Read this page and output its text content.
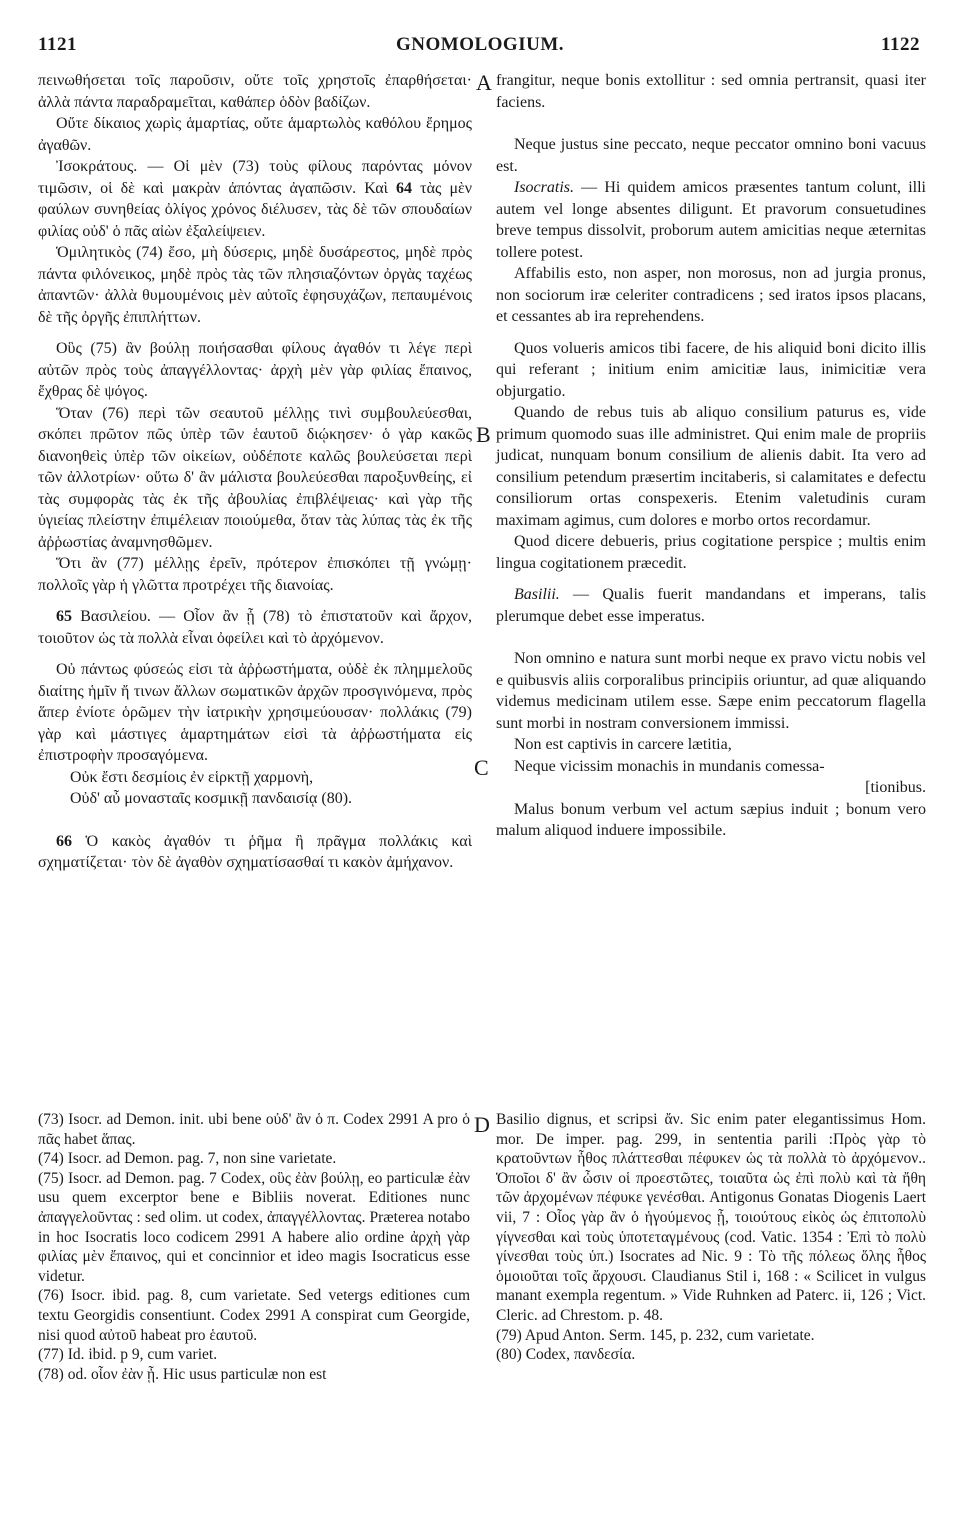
1121	GNOMOLOGIUM.	1122
A
B
C
D

πεινωθήσεται τοῖς παροῦσιν, οὔτε τοῖς χρηστοῖς ἐπαρθήσεται· ἀλλὰ πάντα παραδραμεῖται, καθάπερ ὁδὸν βαδίζων.

Οὔτε δίκαιος χωρὶς ἁμαρτίας, οὔτε ἁμαρτωλὸς καθόλου ἔρημος ἀγαθῶν.

Ἰσοκράτους. — Οἱ μὲν (73) τοὺς φίλους παρόντας μόνον τιμῶσιν, οἱ δὲ καὶ μακρὰν ἀπόντας ἀγαπῶσιν. Καὶ 64 τὰς μὲν φαύλων συνηθείας ὀλίγος χρόνος διέλυσεν, τὰς δὲ τῶν σπουδαίων φιλίας οὐδ' ὁ πᾶς αἰὼν ἐξαλείψειεν.

Ὁμιλητικὸς (74) ἔσο, μὴ δύσερις, μηδὲ δυσάρεστος, μηδὲ πρὸς πάντα φιλόνεικος, μηδὲ πρὸς τὰς τῶν πλησιαζόντων ὀργὰς ταχέως ἀπαντῶν· ἀλλὰ θυμουμένοις μὲν αὐτοῖς ἐφησυχάζων, πεπαυμένοις δὲ τῆς ὀργῆς ἐπιπλήττων.

Οὓς (75) ἂν βούλῃ ποιήσασθαι φίλους ἀγαθόν τι λέγε περὶ αὐτῶν πρὸς τοὺς ἀπαγγέλλοντας· ἀρχὴ μὲν γὰρ φιλίας ἔπαινος, ἔχθρας δὲ ψόγος.

Ὅταν (76) περὶ τῶν σεαυτοῦ μέλλῃς τινὶ συμβουλεύεσθαι, σκόπει πρῶτον πῶς ὑπὲρ τῶν ἑαυτοῦ διῴκησεν· ὁ γὰρ κακῶς διανοηθεὶς ὑπὲρ τῶν οἰκείων, οὐδέποτε καλῶς βουλεύσεται περὶ τῶν ἀλλοτρίων· οὕτω δ' ἂν μάλιστα βουλεύεσθαι παροξυνθείης, εἰ τὰς συμφορὰς τὰς ἐκ τῆς ἀβουλίας ἐπιβλέψειας· καὶ γὰρ τῆς ὑγιείας πλείστην ἐπιμέλειαν ποιούμεθα, ὅταν τὰς λύπας τὰς ἐκ τῆς ἀῤῥωστίας ἀναμνησθῶμεν.

Ὅτι ἂν (77) μέλλῃς ἐρεῖν, πρότερον ἐπισκόπει τῇ γνώμῃ· πολλοῖς γὰρ ἡ γλῶττα προτρέχει τῆς διανοίας.

65 Βασιλείου. — Οἷον ἂν ᾖ (78) τὸ ἐπιστατοῦν καὶ ἄρχον, τοιοῦτον ὡς τὰ πολλὰ εἶναι ὀφείλει καὶ τὸ ἀρχόμενον.

Οὐ πάντως φύσεώς εἰσι τὰ ἀῤῥωστήματα, οὐδὲ ἐκ πλημμελοῦς διαίτης ἡμῖν ἤ τινων ἄλλων σωματικῶν ἀρχῶν προσγινόμενα, πρὸς ἅπερ ἐνίοτε ὁρῶμεν τὴν ἰατρικὴν χρησιμεύουσαν· πολλάκις (79) γὰρ καὶ μάστιγες ἁμαρτημάτων εἰσὶ τὰ ἀῤῥωστήματα εἰς ἐπιστροφὴν προσαγόμενα.

Οὐκ ἔστι δεσμίοις ἐν εἱρκτῇ χαρμονὴ,

Οὐδ' αὖ μονασταῖς κοσμικῇ πανδαισίᾳ (80).

66 Ὁ κακὸς ἀγαθόν τι ῥῆμα ἢ πρᾶγμα πολλάκις καὶ σχηματίζεται· τὸν δὲ ἀγαθὸν σχηματίσασθαί τι κακὸν ἀμήχανον.

frangitur, neque bonis extollitur : sed omnia pertransit, quasi iter faciens.

Neque justus sine peccato, neque peccator omnino boni vacuus est.

Isocratis. — Hi quidem amicos præsentes tantum colunt, illi autem vel longe absentes diligunt. Et pravorum consuetudines breve tempus dissolvit, proborum autem amicitias neque æternitas tollere potest.

Affabilis esto, non asper, non morosus, non ad jurgia pronus, non sociorum iræ celeriter contradicens ; sed iratos ipsos placans, et cessantes ab ira reprehendens.

Quos volueris amicos tibi facere, de his aliquid boni dicito illis qui referant ; initium enim amicitiæ laus, inimicitiæ vera objurgatio.

Quando de rebus tuis ab aliquo consilium paturus es, vide primum quomodo suas ille administret. Qui enim male de propriis judicat, nunquam bonum consilium de alienis dabit. Ita vero ad consilium petendum præsertim incitaberis, si calamitates e defectu consiliorum ortas conspexeris. Etenim valetudinis curam maximam agimus, cum dolores e morbo ortos recordamur.

Quod dicere debueris, prius cogitatione perspice ; multis enim lingua cogitationem præcedit.

Basilii. — Qualis fuerit mandandans et imperans, talis plerumque debet esse imperatus.

Non omnino e natura sunt morbi neque ex pravo victu nobis vel e quibusvis aliis corporalibus principiis oriuntur, ad quæ aliquando videmus medicinam utilem esse. Sæpe enim peccatorum flagella sunt morbi in nostram conversionem immissi.

Non est captivis in carcere lætitia,

Neque vicissim monachis in mundanis comessa-

[tionibus.

Malus bonum verbum vel actum sæpius induit ; bonum vero malum aliquod induere impossibile.

(73) Isocr. ad Demon. init. ubi bene οὐδ' ἂν ὁ π. Codex 2991 A pro ὁ πᾶς habet ἅπας.

(74) Isocr. ad Demon. pag. 7, non sine varietate.

(75) Isocr. ad Demon. pag. 7 Codex, οὓς ἐὰν βούλῃ, eo particulæ ἐὰν usu quem excerptor bene e Bibliis noverat. Editiones nunc ἀπαγγελοῦντας : sed olim. ut codex, ἀπαγγέλλοντας. Præterea notabo in hoc Isocratis loco codicem 2991 A habere alio ordine ἀρχὴ γὰρ φιλίας μὲν ἔπαινος, qui et concinnior et ideo magis Isocraticus esse videtur.

(76) Isocr. ibid. pag. 8, cum varietate. Sed vetergs editiones cum textu Georgidis consentiunt. Codex 2991 A conspirat cum Georgide, nisi quod αὐτοῦ habeat pro ἑαυτοῦ.

(77) Id. ibid. p 9, cum variet.

(78) od. οἷον ἐὰν ᾖ. Hic usus particulæ non est

Basilio dignus, et scripsi ἄν. Sic enim pater elegantissimus Hom. mor. De imper. pag. 299, in sententia parili :Πρὸς γὰρ τὸ κρατοῦντων ἦθος πλάττεσθαι πέφυκεν ὡς τὰ πολλὰ τὸ ἀρχόμενον.. Ὁποῖοι δ' ἂν ὦσιν οἱ προεστῶτες, τοιαῦτα ὡς ἐπὶ πολὺ καὶ τὰ ἤθη τῶν ἀρχομένων πέφυκε γενέσθαι. Antigonus Gonatas Diogenis Laert vii, 7 : Οἷος γὰρ ἂν ὁ ἡγούμενος ᾖ, τοιούτους εἰκὸς ὡς ἐπιτοπολὺ γίγνεσθαι καὶ τοὺς ὑποτεταγμένους (cod. Vatic. 1354 : Ἐπὶ τὸ πολὺ γίνεσθαι τοὺς ὑπ.) Isocrates ad Nic. 9 : Τὸ τῆς πόλεως ὅλης ἦθος ὁμοιοῦται τοῖς ἄρχουσι. Claudianus Stil i, 168 : « Scilicet in vulgus manant exempla regentum. » Vide Ruhnken ad Paterc. ii, 126 ; Vict. Cleric. ad Chrestom. p. 48.

(79) Apud Anton. Serm. 145, p. 232, cum varietate.

(80) Codex, πανδεσία.
